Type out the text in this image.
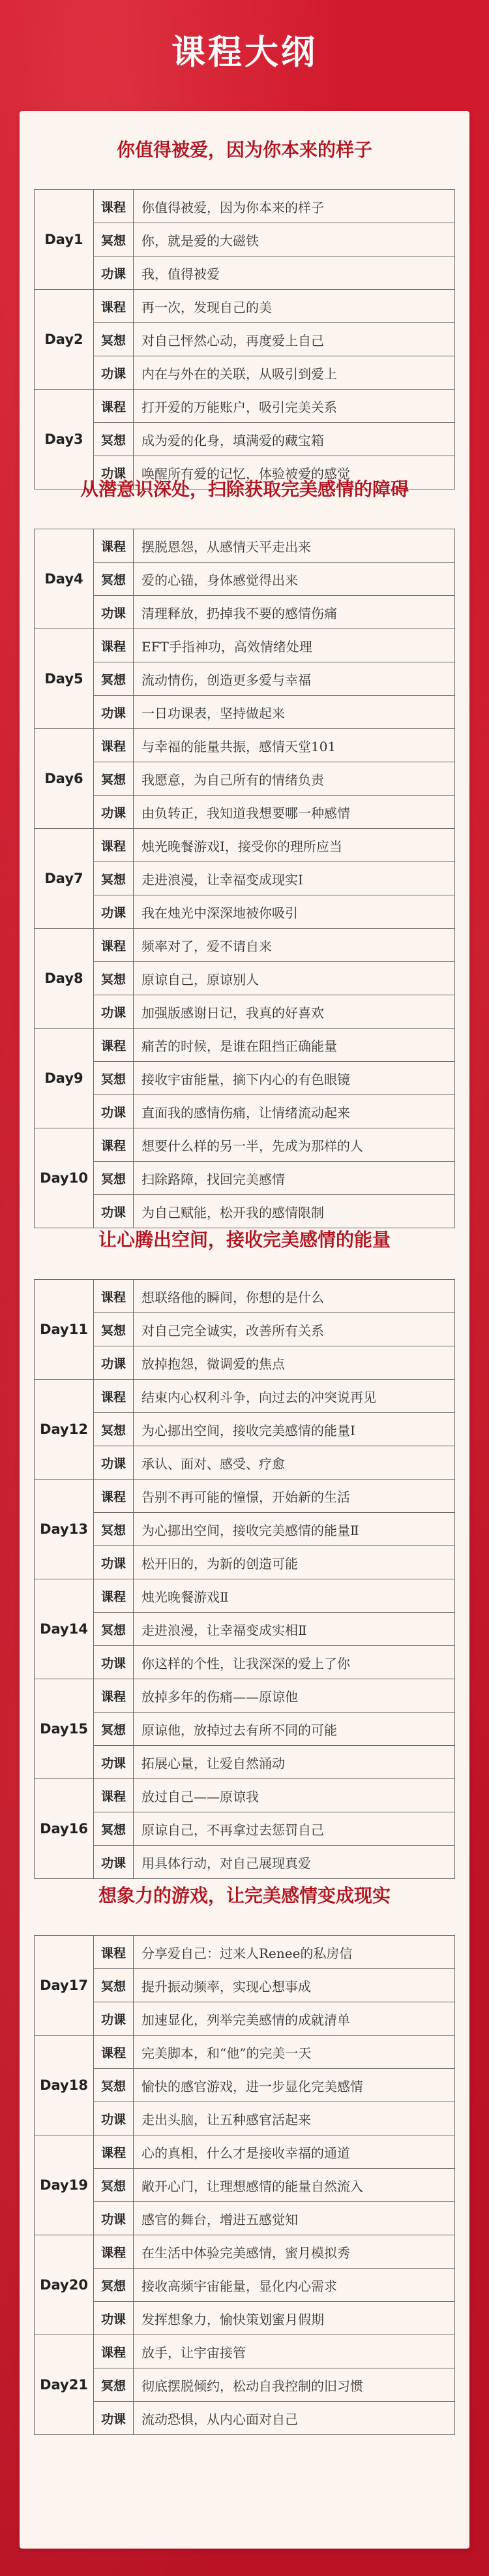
课程大纲
你值得被爱，因为你本来的样子
Day1	课程	你值得被爱，因为你本来的样子
	冥想	你，就是爱的大磁铁
	功课	我，值得被爱
Day2	课程	再一次，发现自己的美
	冥想	对自己怦然心动，再度爱上自己
	功课	内在与外在的关联，从吸引到爱上
Day3	课程	打开爱的万能账户，吸引完美关系
	冥想	成为爱的化身，填满爱的藏宝箱
	功课	唤醒所有爱的记忆，体验被爱的感觉
从潜意识深处，扫除获取完美感情的障碍
Day4	课程	摆脱恩怨，从感情天平走出来
	冥想	爱的心锚，身体感觉得出来
	功课	清理释放，扔掉我不要的感情伤痛
Day5	课程	EFT手指神功，高效情绪处理
	冥想	流动情伤，创造更多爱与幸福
	功课	一日功课表，坚持做起来
Day6	课程	与幸福的能量共振，感情天堂101
	冥想	我愿意，为自己所有的情绪负责
	功课	由负转正，我知道我想要哪一种感情
Day7	课程	烛光晚餐游戏Ⅰ，接受你的理所应当
	冥想	走进浪漫，让幸福变成现实Ⅰ
	功课	我在烛光中深深地被你吸引
Day8	课程	频率对了，爱不请自来
	冥想	原谅自己，原谅别人
	功课	加强版感谢日记，我真的好喜欢
Day9	课程	痛苦的时候，是谁在阻挡正确能量
	冥想	接收宇宙能量，摘下内心的有色眼镜
	功课	直面我的感情伤痛，让情绪流动起来
Day10	课程	想要什么样的另一半，先成为那样的人
	冥想	扫除路障，找回完美感情
	功课	为自己赋能，松开我的感情限制
让心腾出空间，接收完美感情的能量
Day11	课程	想联络他的瞬间，你想的是什么
	冥想	对自己完全诚实，改善所有关系
	功课	放掉抱怨，微调爱的焦点
Day12	课程	结束内心权利斗争，向过去的冲突说再见
	冥想	为心挪出空间，接收完美感情的能量Ⅰ
	功课	承认、面对、感受、疗愈
Day13	课程	告别不再可能的憧憬，开始新的生活
	冥想	为心挪出空间，接收完美感情的能量Ⅱ
	功课	松开旧的，为新的创造可能
Day14	课程	烛光晚餐游戏Ⅱ
	冥想	走进浪漫，让幸福变成实相Ⅱ
	功课	你这样的个性，让我深深的爱上了你
Day15	课程	放掉多年的伤痛——原谅他
	冥想	原谅他，放掉过去有所不同的可能
	功课	拓展心量，让爱自然涌动
Day16	课程	放过自己——原谅我
	冥想	原谅自己，不再拿过去惩罚自己
	功课	用具体行动，对自己展现真爱
想象力的游戏，让完美感情变成现实
Day17	课程	分享爱自己：过来人Renee的私房信
	冥想	提升振动频率，实现心想事成
	功课	加速显化，列举完美感情的成就清单
Day18	课程	完美脚本，和“他”的完美一天
	冥想	愉快的感官游戏，进一步显化完美感情
	功课	走出头脑，让五种感官活起来
Day19	课程	心的真相，什么才是接收幸福的通道
	冥想	敞开心门，让理想感情的能量自然流入
	功课	感官的舞台，增进五感觉知
Day20	课程	在生活中体验完美感情，蜜月模拟秀
	冥想	接收高频宇宙能量，显化内心需求
	功课	发挥想象力，愉快策划蜜月假期
Day21	课程	放手，让宇宙接管
	冥想	彻底摆脱倾约，松动自我控制的旧习惯
	功课	流动恐惧，从内心面对自己
